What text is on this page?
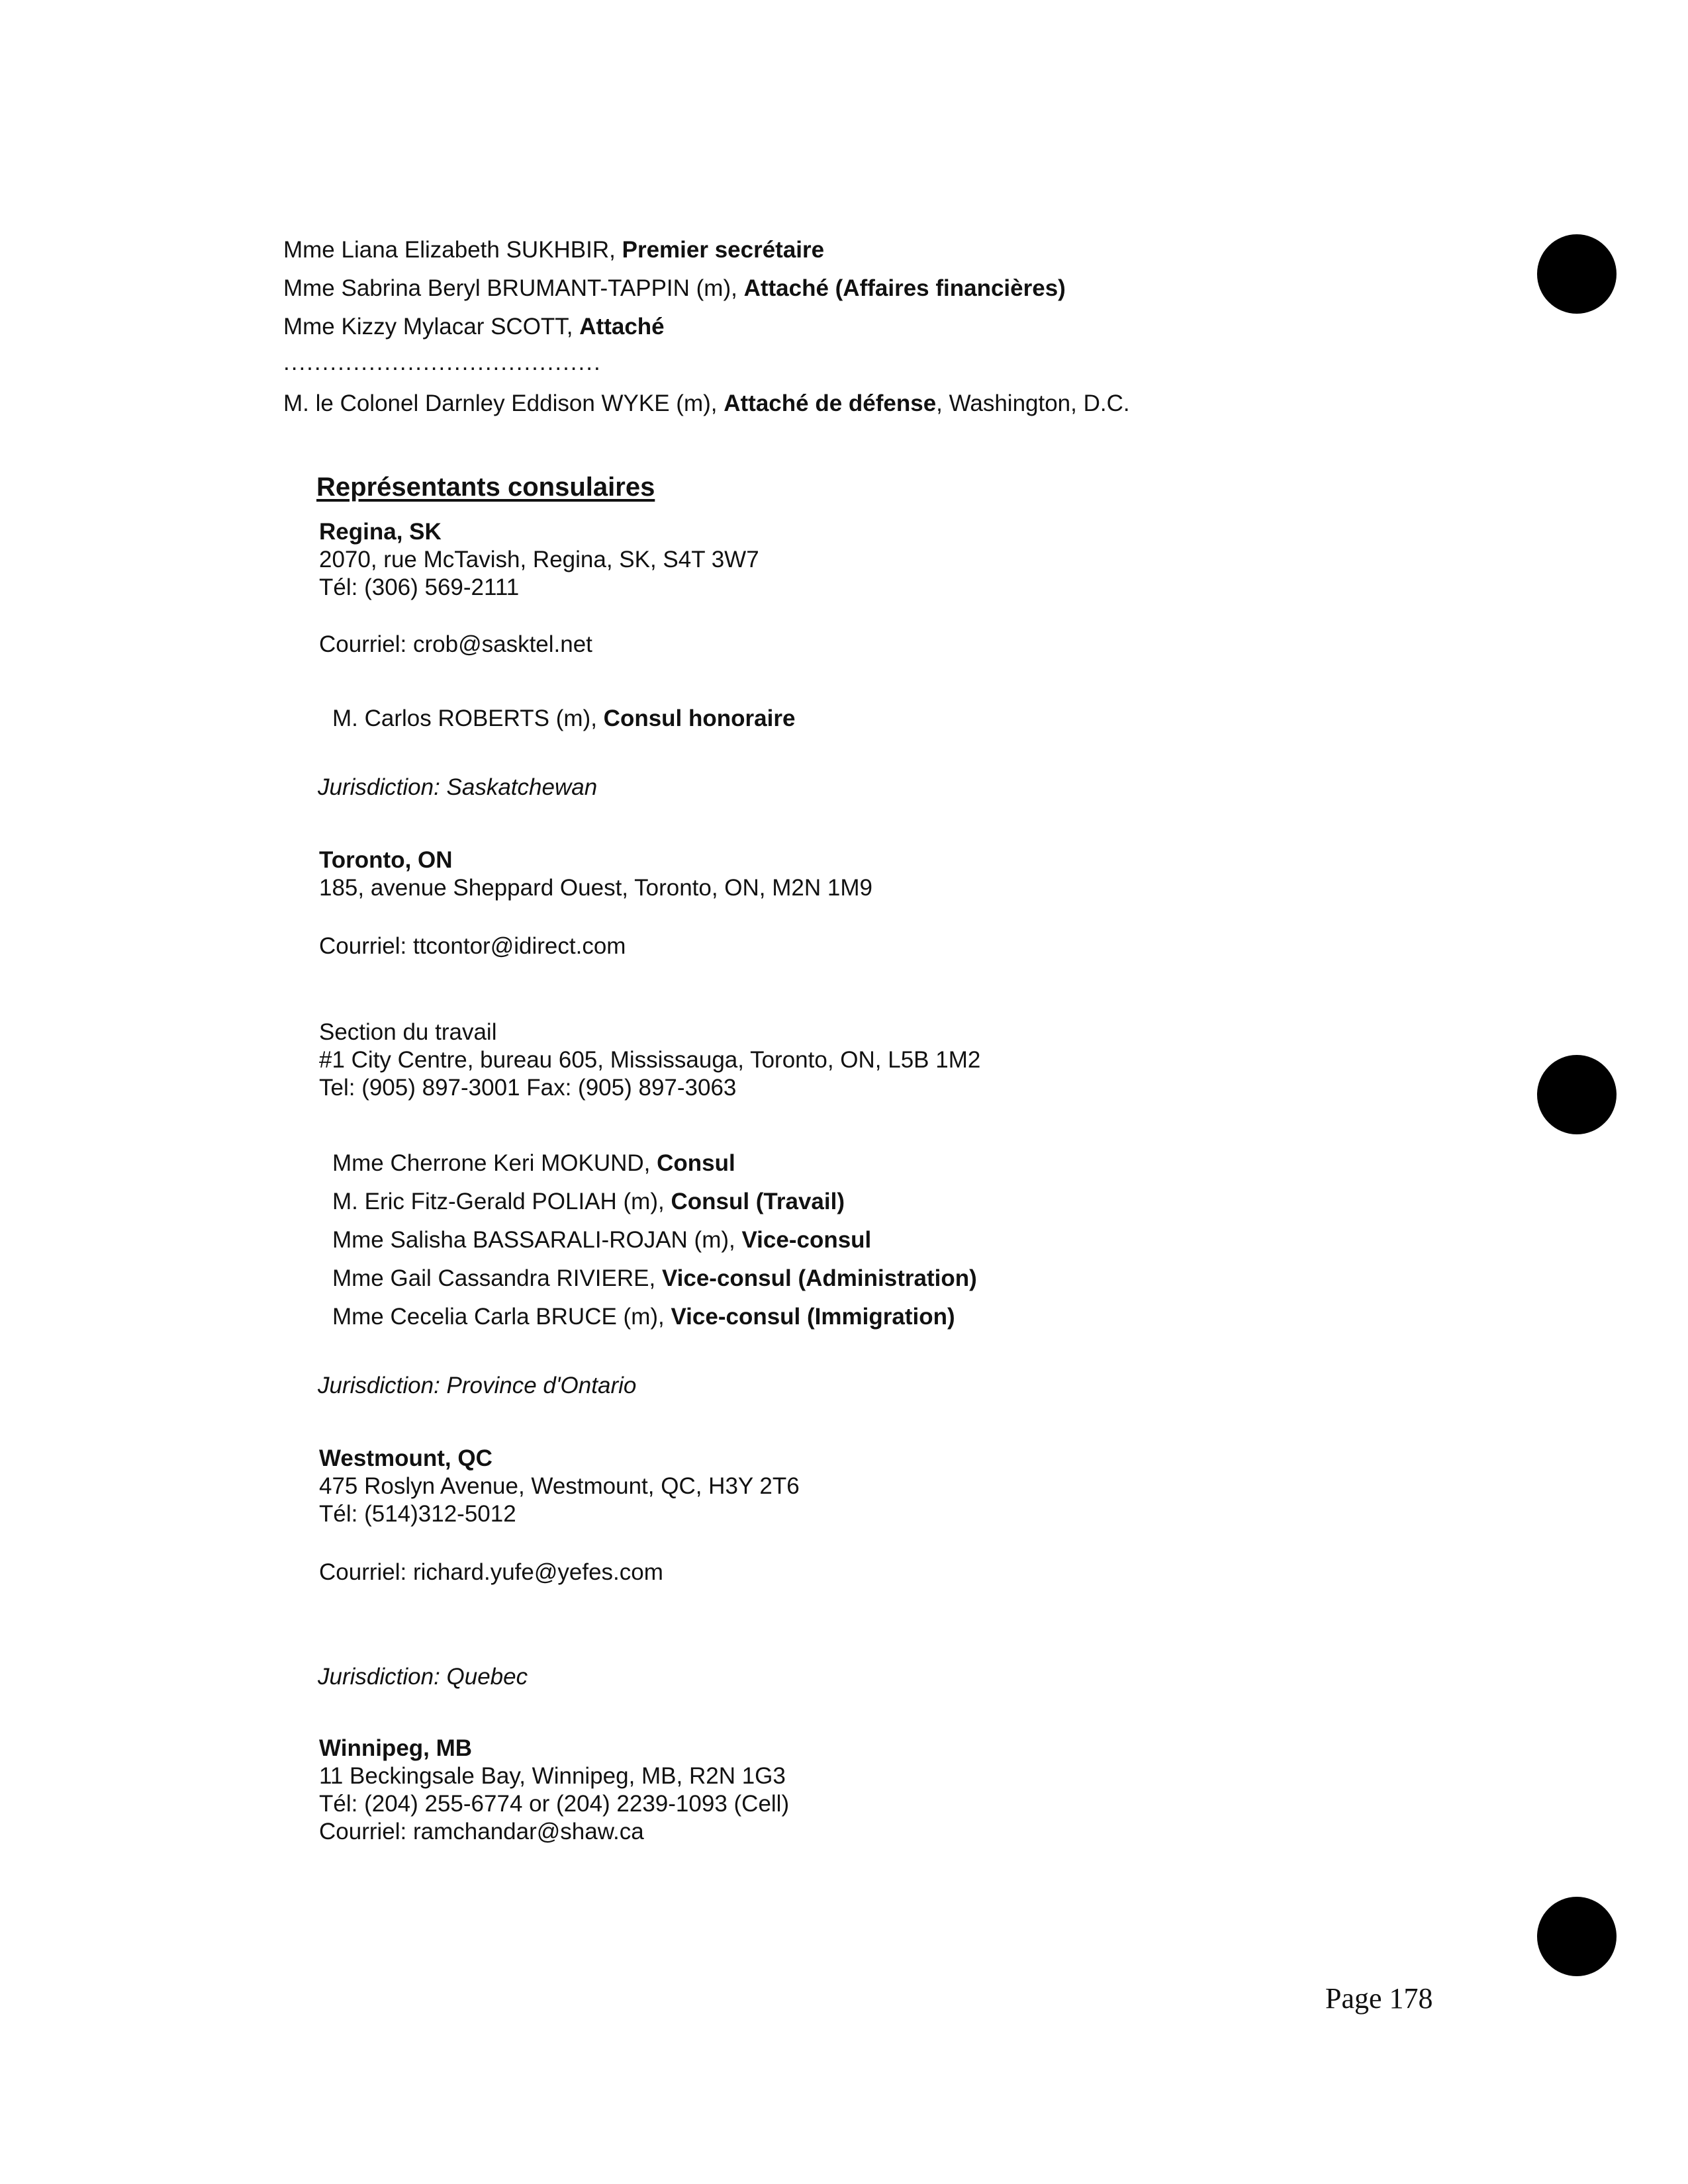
Mme Liana Elizabeth SUKHBIR, Premier secrétaire
Mme Sabrina Beryl BRUMANT-TAPPIN (m), Attaché (Affaires financières)
Mme Kizzy Mylacar SCOTT, Attaché
.........................................
M. le Colonel Darnley Eddison WYKE (m), Attaché de défense, Washington, D.C.
Représentants consulaires
Regina, SK
2070, rue McTavish, Regina, SK, S4T 3W7
Tél: (306) 569-2111
Courriel: crob@sasktel.net
M. Carlos ROBERTS (m), Consul honoraire
Jurisdiction: Saskatchewan
Toronto, ON
185, avenue Sheppard Ouest, Toronto, ON, M2N 1M9
Courriel: ttcontor@idirect.com
Section du travail
#1 City Centre, bureau 605, Mississauga, Toronto, ON, L5B 1M2
Tel: (905) 897-3001 Fax: (905) 897-3063
Mme Cherrone Keri MOKUND, Consul
M. Eric Fitz-Gerald POLIAH (m), Consul (Travail)
Mme Salisha BASSARALI-ROJAN (m), Vice-consul
Mme Gail Cassandra RIVIERE, Vice-consul (Administration)
Mme Cecelia Carla BRUCE (m), Vice-consul (Immigration)
Jurisdiction: Province d'Ontario
Westmount, QC
475 Roslyn Avenue, Westmount, QC, H3Y 2T6
Tél: (514)312-5012
Courriel: richard.yufe@yefes.com
Jurisdiction: Quebec
Winnipeg, MB
11 Beckingsale Bay, Winnipeg, MB, R2N 1G3
Tél: (204) 255-6774 or (204) 2239-1093 (Cell)
Courriel: ramchandar@shaw.ca
Page 178
